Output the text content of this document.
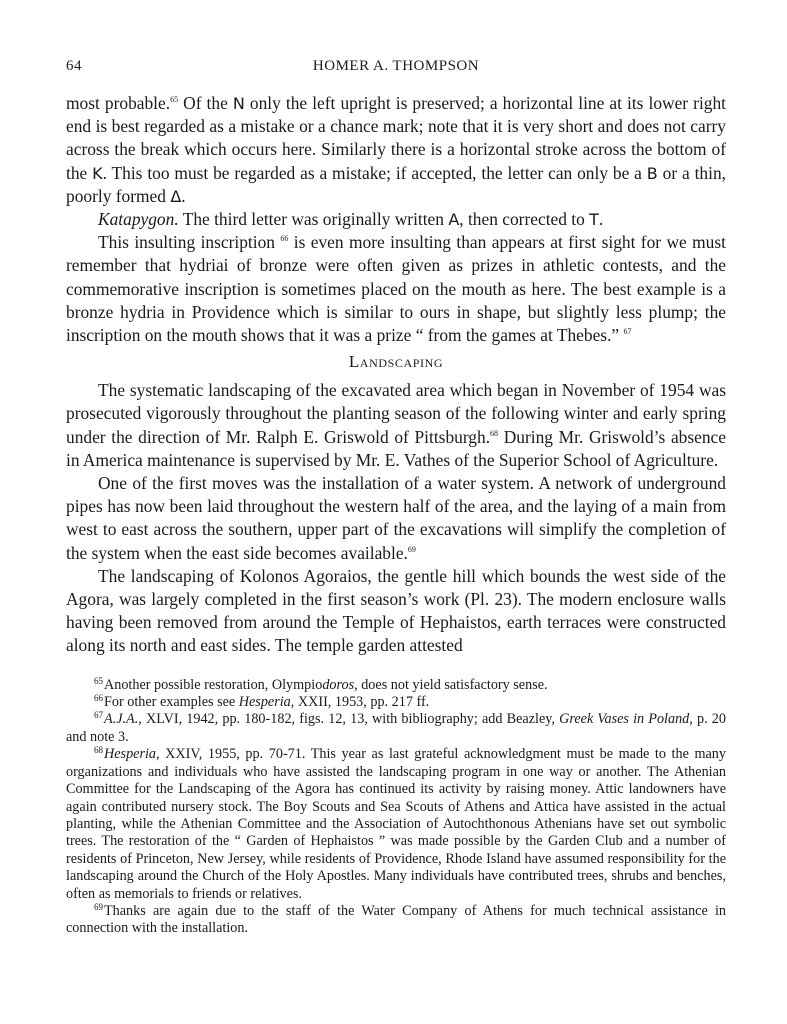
64	HOMER A. THOMPSON

most probable.$^{65}$ Of the N only the left upright is preserved; a horizontal line at its lower right end is best regarded as a mistake or a chance mark; note that it is very short and does not carry across the break which occurs here. Similarly there is a horizontal stroke across the bottom of the K. This too must be regarded as a mistake; if accepted, the letter can only be a B or a thin, poorly formed Δ.

Katapygon. The third letter was originally written A, then corrected to T.

This insulting inscription $^{66}$ is even more insulting than appears at first sight for we must remember that hydriai of bronze were often given as prizes in athletic contests, and the commemorative inscription is sometimes placed on the mouth as here. The best example is a bronze hydria in Providence which is similar to ours in shape, but slightly less plump; the inscription on the mouth shows that it was a prize “ from the games at Thebes.” $^{67}$

Landscaping

The systematic landscaping of the excavated area which began in November of 1954 was prosecuted vigorously throughout the planting season of the following winter and early spring under the direction of Mr. Ralph E. Griswold of Pittsburgh.$^{68}$ During Mr. Griswold’s absence in America maintenance is supervised by Mr. E. Vathes of the Superior School of Agriculture.

One of the first moves was the installation of a water system. A network of underground pipes has now been laid throughout the western half of the area, and the laying of a main from west to east across the southern, upper part of the excavations will simplify the completion of the system when the east side becomes available.$^{69}$

The landscaping of Kolonos Agoraios, the gentle hill which bounds the west side of the Agora, was largely completed in the first season’s work (Pl. 23). The modern enclosure walls having been removed from around the Temple of Hephaistos, earth terraces were constructed along its north and east sides. The temple garden attested

$^{65}$Another possible restoration, Olympiodoros, does not yield satisfactory sense.

$^{66}$For other examples see Hesperia, XXII, 1953, pp. 217 ff.

$^{67}$A.J.A., XLVI, 1942, pp. 180-182, figs. 12, 13, with bibliography; add Beazley, Greek Vases in Poland, p. 20 and note 3.

$^{68}$Hesperia, XXIV, 1955, pp. 70-71. This year as last grateful acknowledgment must be made to the many organizations and individuals who have assisted the landscaping program in one way or another. The Athenian Committee for the Landscaping of the Agora has continued its activity by raising money. Attic landowners have again contributed nursery stock. The Boy Scouts and Sea Scouts of Athens and Attica have assisted in the actual planting, while the Athenian Committee and the Association of Autochthonous Athenians have set out symbolic trees. The restoration of the “ Garden of Hephaistos ” was made possible by the Garden Club and a number of residents of Princeton, New Jersey, while residents of Providence, Rhode Island have assumed responsibility for the landscaping around the Church of the Holy Apostles. Many individuals have contributed trees, shrubs and benches, often as memorials to friends or relatives.

$^{69}$Thanks are again due to the staff of the Water Company of Athens for much technical assistance in connection with the installation.
